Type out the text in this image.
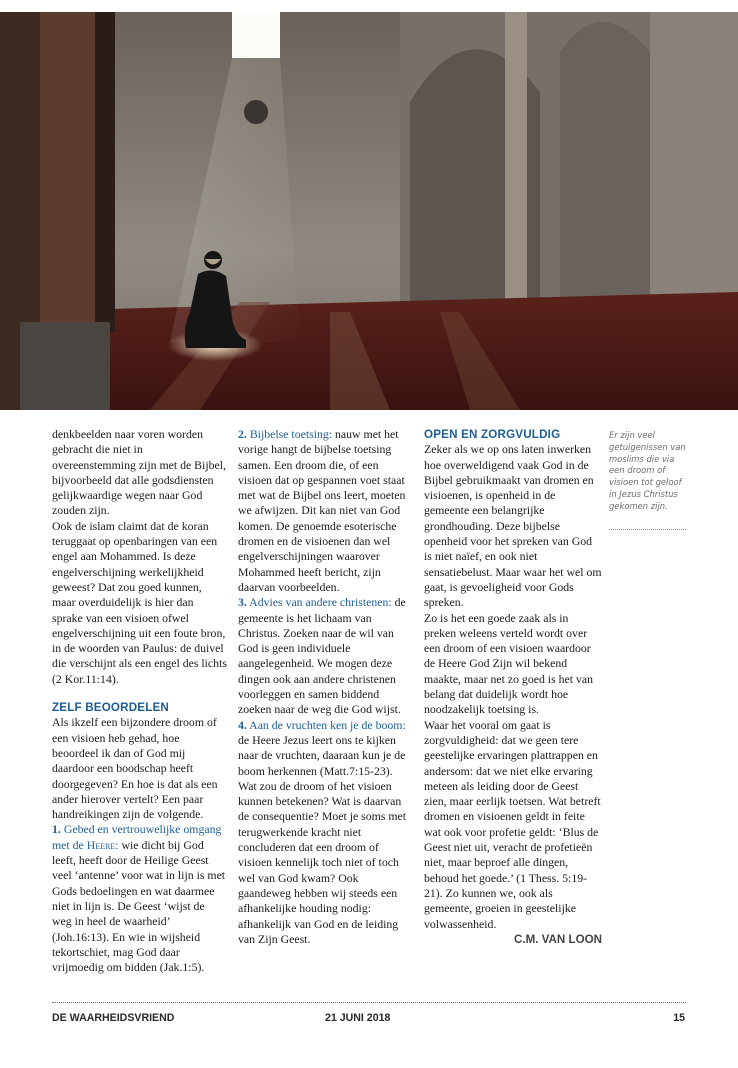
denkbeelden naar voren worden gebracht die niet in overeenstemming zijn met de Bijbel, bijvoorbeeld dat alle godsdiensten gelijkwaardige wegen naar God zouden zijn.

Ook de islam claimt dat de koran teruggaat op openbaringen van een engel aan Mohammed. Is deze engelverschijning werkelijkheid geweest? Dat zou goed kunnen, maar overduidelijk is hier dan sprake van een visioen ofwel engelverschijning uit een foute bron, in de woorden van Paulus: de duivel die verschijnt als een engel des lichts (2 Kor.11:14).

ZELF BEOORDELEN

Als ikzelf een bijzondere droom of een visioen heb gehad, hoe beoordeel ik dan of God mij daardoor een boodschap heeft doorgegeven? En hoe is dat als een ander hierover vertelt? Een paar handreikingen zijn de volgende.

1. Gebed en vertrouwelijke omgang met de Heere: wie dicht bij God leeft, heeft door de Heilige Geest veel ‘antenne’ voor wat in lijn is met Gods bedoelingen en wat daarmee niet in lijn is. De Geest ‘wijst de weg in heel de waarheid’ (Joh.16:13). En wie in wijsheid tekortschiet, mag God daar vrijmoedig om bidden (Jak.1:5).

2. Bijbelse toetsing: nauw met het vorige hangt de bijbelse toetsing samen. Een droom die, of een visioen dat op gespannen voet staat met wat de Bijbel ons leert, moeten we afwijzen. Dit kan niet van God komen. De genoemde esoterische dromen en de visioenen dan wel engelverschijningen waarover Mohammed heeft bericht, zijn daarvan voorbeelden.

3. Advies van andere christenen: de gemeente is het lichaam van Christus. Zoeken naar de wil van God is geen individuele aangelegenheid. We mogen deze dingen ook aan andere christenen voorleggen en samen biddend zoeken naar de weg die God wijst.

4. Aan de vruchten ken je de boom: de Heere Jezus leert ons te kijken naar de vruchten, daaraan kun je de boom herkennen (Matt.7:15-23). Wat zou de droom of het visioen kunnen betekenen? Wat is daarvan de consequentie? Moet je soms met terugwerkende kracht niet concluderen dat een droom of visioen kennelijk toch niet of toch wel van God kwam? Ook gaandeweg hebben wij steeds een afhankelijke houding nodig: afhankelijk van God en de leiding van Zijn Geest.

OPEN EN ZORGVULDIG

Zeker als we op ons laten inwerken hoe overweldigend vaak God in de Bijbel gebruikmaakt van dromen en visioenen, is openheid in de gemeente een belangrijke grondhouding. Deze bijbelse openheid voor het spreken van God is niet naïef, en ook niet sensatiebelust. Maar waar het wel om gaat, is gevoeligheid voor Gods spreken.

Zo is het een goede zaak als in preken weleens verteld wordt over een droom of een visioen waardoor de Heere God Zijn wil bekend maakte, maar net zo goed is het van belang dat duidelijk wordt hoe noodzakelijk toetsing is.

Waar het vooral om gaat is zorgvuldigheid: dat we geen tere geestelijke ervaringen plattrappen en andersom: dat we niet elke ervaring meteen als leiding door de Geest zien, maar eerlijk toetsen. Wat betreft dromen en visioenen geldt in feite wat ook voor profetie geldt: ‘Blus de Geest niet uit, veracht de profetieën niet, maar beproef alle dingen, behoud het goede.’ (1 Thess. 5:19-21). Zo kunnen we, ook als gemeente, groeien in geestelijke volwassenheid.

C.M. VAN LOON

Er zijn veel getuigenissen van moslims die via een droom of visioen tot geloof in Jezus Christus gekomen zijn.
DE WAARHEIDSVRIEND	21 JUNI 2018	15
